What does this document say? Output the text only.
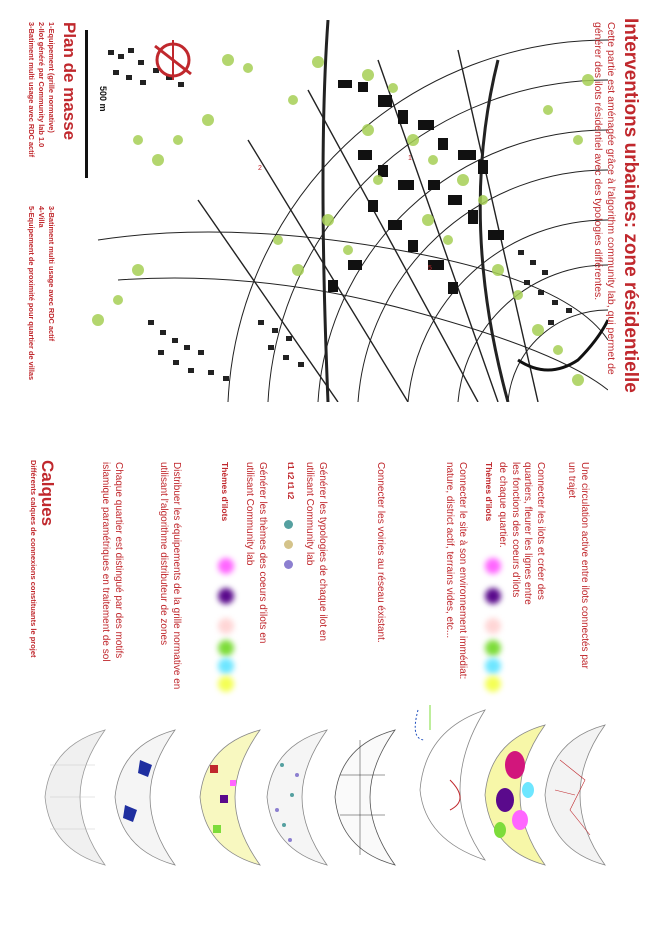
1
5
2
500 m	Interventions urbaines: zone résidentielle
Cette partie est aménagée grâce à l'algorithm community lab, qui permet de
générer des ilots résidentiel avec des typologies différentes.
Plan de masse
1-Equipement (grille normative)
2-Ilot généré par Community lab 1.0
3-Batiment multi usage avec RDC actif
3-Batiment multi usage avec RDC actif
4-Villa
5-Equipement de proximité pour quartier de villas
Calques
Différents calques de connexions constituants le projet	Une circulation active entre ilots connectés par un trajet
Connecter les ilots et créer des quartiers, fleurer les lignes entre les fonctions des coeurs d'ilots de chaque quartier.
Thèmes d'ilots
Connecter le site à son environnement immédiat: nature, district actif, terrains vides, etc...
Connecter les voiries au réseau éxistant.
Générer les typologies de chaque ilot en utilisant Community lab
t1 t2 t1 t2
Générer les thèmes des coeurs d'ilots en utilisant Community lab
Thèmes d'ilots
Distribuer les équipements de la grille normative en utilisant l'algorithme distributeur de zones
Chaque quartier est distingué par des motifs islamique paramétriques en traitement de sol
